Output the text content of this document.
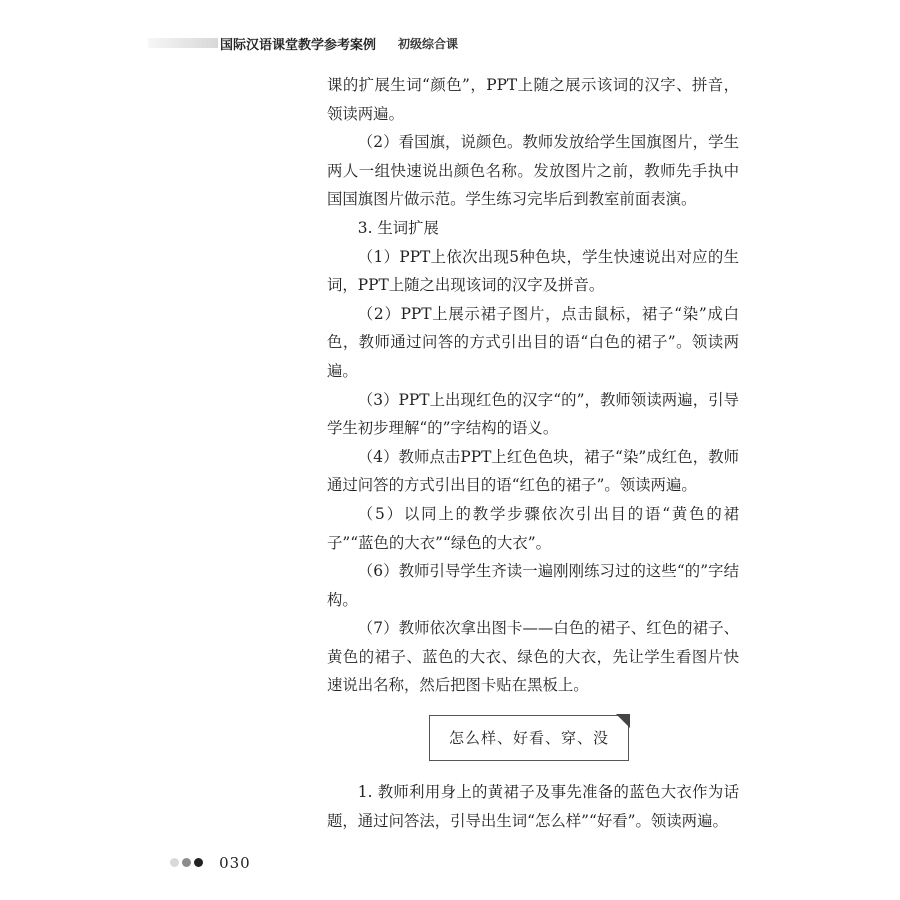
国际汉语课堂教学参考案例 初级综合课

课的扩展生词“颜色”，PPT上随之展示该词的汉字、拼音，领读两遍。

（2）看国旗，说颜色。教师发放给学生国旗图片，学生两人一组快速说出颜色名称。发放图片之前，教师先手执中国国旗图片做示范。学生练习完毕后到教室前面表演。

3. 生词扩展

（1）PPT上依次出现5种色块，学生快速说出对应的生词，PPT上随之出现该词的汉字及拼音。

（2）PPT上展示裙子图片，点击鼠标，裙子“染”成白色，教师通过问答的方式引出目的语“白色的裙子”。领读两遍。

（3）PPT上出现红色的汉字“的”，教师领读两遍，引导学生初步理解“的”字结构的语义。

（4）教师点击PPT上红色色块，裙子“染”成红色，教师通过问答的方式引出目的语“红色的裙子”。领读两遍。

（5）以同上的教学步骤依次引出目的语“黄色的裙子”“蓝色的大衣”“绿色的大衣”。

（6）教师引导学生齐读一遍刚刚练习过的这些“的”字结构。

（7）教师依次拿出图卡——白色的裙子、红色的裙子、黄色的裙子、蓝色的大衣、绿色的大衣，先让学生看图片快速说出名称，然后把图卡贴在黑板上。

怎么样、好看、穿、没

1. 教师利用身上的黄裙子及事先准备的蓝色大衣作为话题，通过问答法，引导出生词“怎么样”“好看”。领读两遍。

030
